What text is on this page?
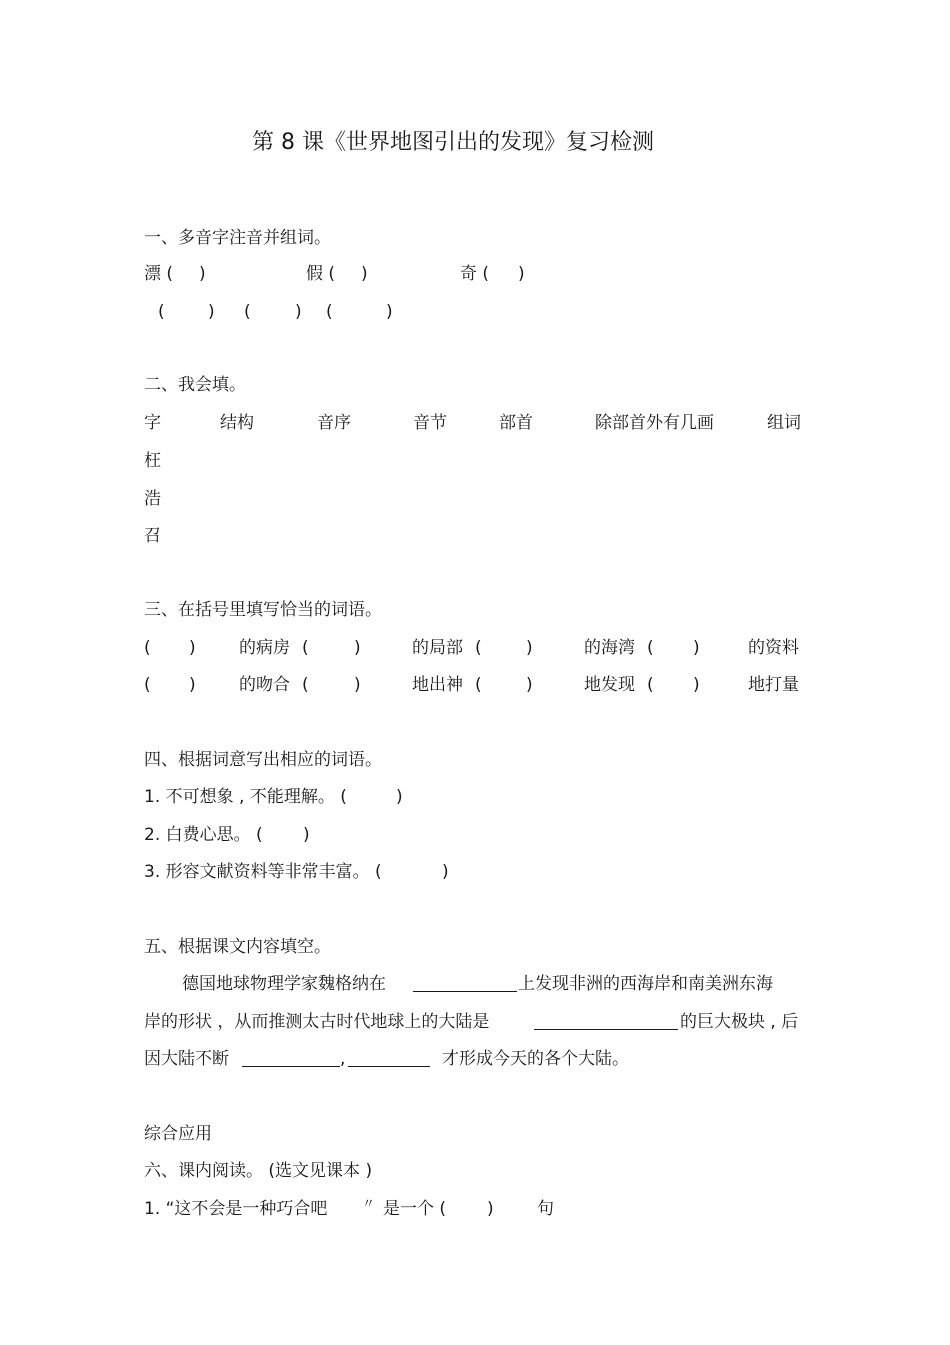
第 8 课《世界地图引出的发现》复习检测
一、多音字注音并组词。
漂 ( )	假 ( )	奇 ( )
(	) (	) (	)
二、我会填。
字	结构	音序	音节	部首	除部首外有几画	组词
枉
浩
召
三、在括号里填写恰当的词语。
( )	的病房 (	)	的局部 (	)	的海湾 ( )	的资料
( )	的吻合 (	)	地出神 (	)	地发现 ( )	地打量
四、根据词意写出相应的词语。
1. 不可想象 , 不能理解。 (	)
2. 白费心思。 ( )
3. 形容文献资料等非常丰富。 (	)
五、根据课文内容填空。
德国地球物理学家魏格纳在	上发现非洲的西海岸和南美洲东海
岸的形状 ，从而推测太古时代地球上的大陆是	的巨大极块 , 后
因大陆不断	,	才形成今天的各个大陆。
综合应用
六、课内阅读。 (选文见课本 )
1. “这不会是一种巧合吧	〃 是一个 ( )	句
